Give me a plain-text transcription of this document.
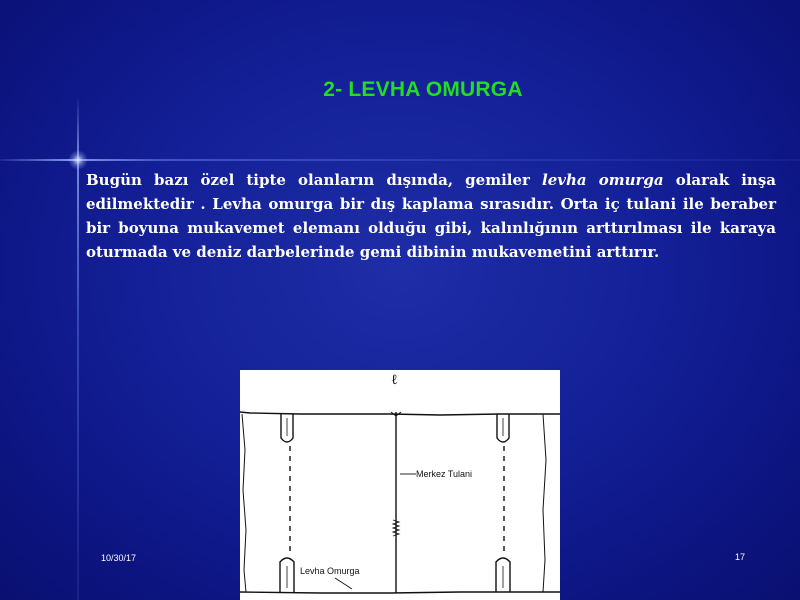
2- LEVHA OMURGA
Bugün bazı özel tipte olanların dışında, gemiler levha omurga olarak inşa edilmektedir . Levha omurga bir dış kaplama sırasıdır. Orta iç tulani ile beraber bir boyuna mukavemet elemanı olduğu gibi, kalınlığının arttırılması ile karaya oturmada ve deniz darbelerinde gemi dibinin mukavemetini arttırır.
ℓ
Merkez Tulani
Levha Omurga
10/30/17	17
